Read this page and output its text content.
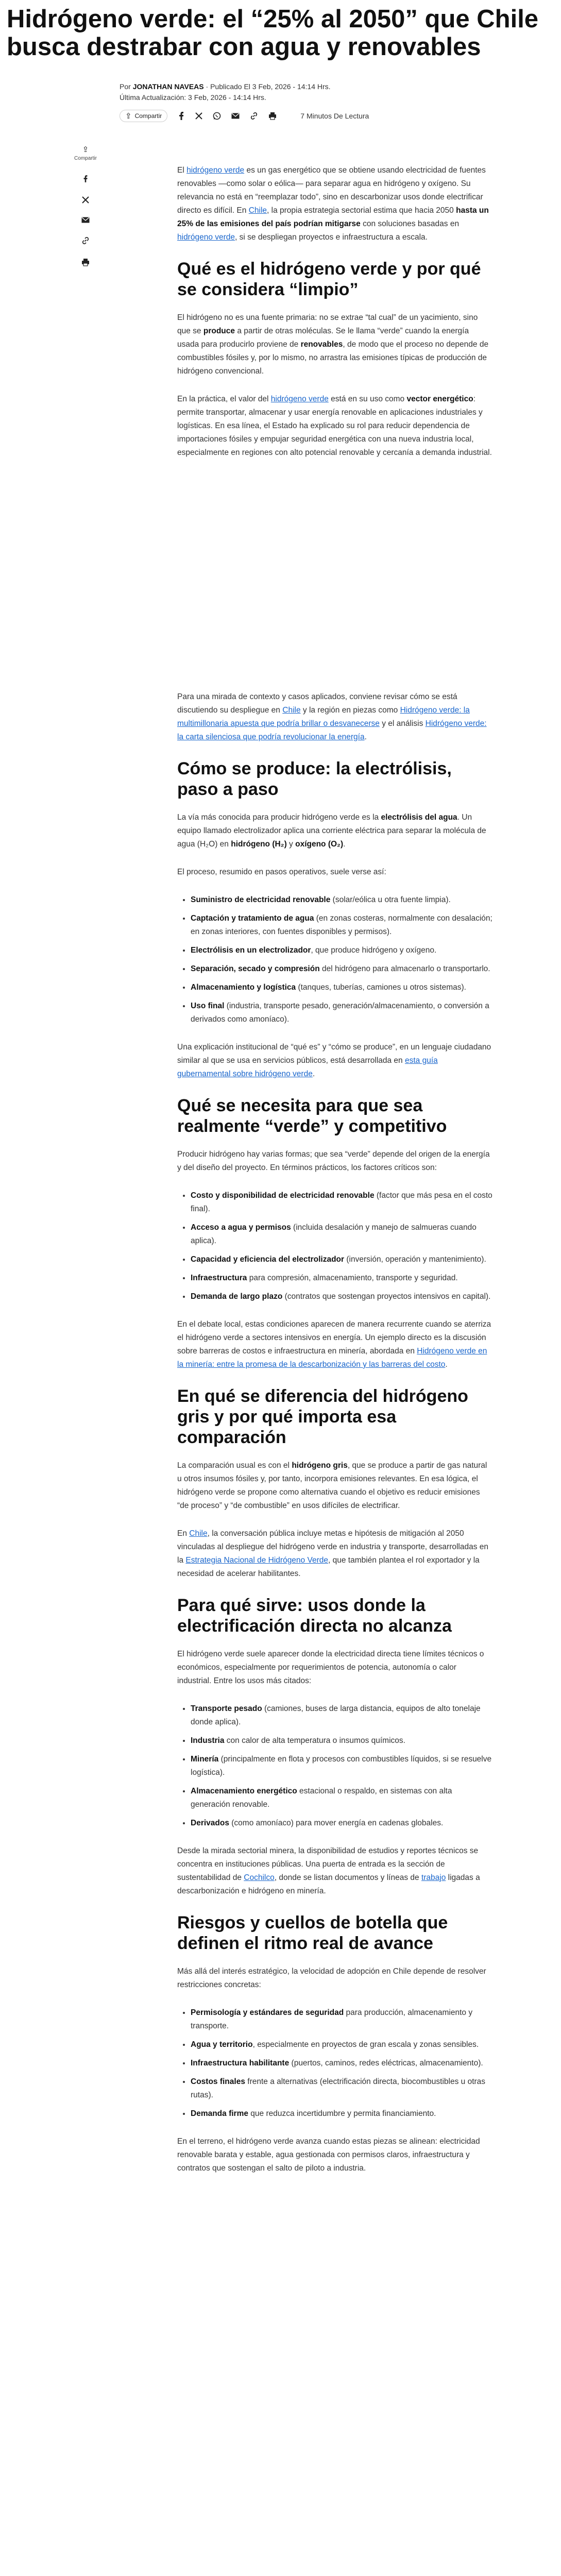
Hidrógeno verde: el “25% al 2050” que Chile busca destrabar con agua y renovables
Por JONATHAN NAVEAS · Publicado El 3 Feb, 2026 - 14:14 Hrs.
Última Actualización: 3 Feb, 2026 - 14:14 Hrs.
⇪ Compartir	7 Minutos De Lectura
⇪
Compartir

El hidrógeno verde es un gas energético que se obtiene usando electricidad de fuentes renovables —como solar o eólica— para separar agua en hidrógeno y oxígeno. Su relevancia no está en “reemplazar todo”, sino en descarbonizar usos donde electrificar directo es difícil. En Chile, la propia estrategia sectorial estima que hacia 2050 hasta un 25% de las emisiones del país podrían mitigarse con soluciones basadas en hidrógeno verde, si se despliegan proyectos e infraestructura a escala.

Qué es el hidrógeno verde y por qué se considera “limpio”

El hidrógeno no es una fuente primaria: no se extrae “tal cual” de un yacimiento, sino que se produce a partir de otras moléculas. Se le llama “verde” cuando la energía usada para producirlo proviene de renovables, de modo que el proceso no depende de combustibles fósiles y, por lo mismo, no arrastra las emisiones típicas de producción de hidrógeno convencional.

En la práctica, el valor del hidrógeno verde está en su uso como vector energético: permite transportar, almacenar y usar energía renovable en aplicaciones industriales y logísticas. En esa línea, el Estado ha explicado su rol para reducir dependencia de importaciones fósiles y empujar seguridad energética con una nueva industria local, especialmente en regiones con alto potencial renovable y cercanía a demanda industrial.

Para una mirada de contexto y casos aplicados, conviene revisar cómo se está discutiendo su despliegue en Chile y la región en piezas como Hidrógeno verde: la multimillonaria apuesta que podría brillar o desvanecerse y el análisis Hidrógeno verde: la carta silenciosa que podría revolucionar la energía.

Cómo se produce: la electrólisis, paso a paso

La vía más conocida para producir hidrógeno verde es la electrólisis del agua. Un equipo llamado electrolizador aplica una corriente eléctrica para separar la molécula de agua (H₂O) en hidrógeno (H₂) y oxígeno (O₂).

El proceso, resumido en pasos operativos, suele verse así:

• Suministro de electricidad renovable (solar/eólica u otra fuente limpia).
• Captación y tratamiento de agua (en zonas costeras, normalmente con desalación; en zonas interiores, con fuentes disponibles y permisos).
• Electrólisis en un electrolizador, que produce hidrógeno y oxígeno.
• Separación, secado y compresión del hidrógeno para almacenarlo o transportarlo.
• Almacenamiento y logística (tanques, tuberías, camiones u otros sistemas).
• Uso final (industria, transporte pesado, generación/almacenamiento, o conversión a derivados como amoníaco).

Una explicación institucional de “qué es” y “cómo se produce”, en un lenguaje ciudadano similar al que se usa en servicios públicos, está desarrollada en esta guía gubernamental sobre hidrógeno verde.

Qué se necesita para que sea realmente “verde” y competitivo

Producir hidrógeno hay varias formas; que sea “verde” depende del origen de la energía y del diseño del proyecto. En términos prácticos, los factores críticos son:

• Costo y disponibilidad de electricidad renovable (factor que más pesa en el costo final).
• Acceso a agua y permisos (incluida desalación y manejo de salmueras cuando aplica).
• Capacidad y eficiencia del electrolizador (inversión, operación y mantenimiento).
• Infraestructura para compresión, almacenamiento, transporte y seguridad.
• Demanda de largo plazo (contratos que sostengan proyectos intensivos en capital).

En el debate local, estas condiciones aparecen de manera recurrente cuando se aterriza el hidrógeno verde a sectores intensivos en energía. Un ejemplo directo es la discusión sobre barreras de costos e infraestructura en minería, abordada en Hidrógeno verde en la minería: entre la promesa de la descarbonización y las barreras del costo.

En qué se diferencia del hidrógeno gris y por qué importa esa comparación

La comparación usual es con el hidrógeno gris, que se produce a partir de gas natural u otros insumos fósiles y, por tanto, incorpora emisiones relevantes. En esa lógica, el hidrógeno verde se propone como alternativa cuando el objetivo es reducir emisiones “de proceso” y “de combustible” en usos difíciles de electrificar.

En Chile, la conversación pública incluye metas e hipótesis de mitigación al 2050 vinculadas al despliegue del hidrógeno verde en industria y transporte, desarrolladas en la Estrategia Nacional de Hidrógeno Verde, que también plantea el rol exportador y la necesidad de acelerar habilitantes.

Para qué sirve: usos donde la electrificación directa no alcanza

El hidrógeno verde suele aparecer donde la electricidad directa tiene límites técnicos o económicos, especialmente por requerimientos de potencia, autonomía o calor industrial. Entre los usos más citados:

• Transporte pesado (camiones, buses de larga distancia, equipos de alto tonelaje donde aplica).
• Industria con calor de alta temperatura o insumos químicos.
• Minería (principalmente en flota y procesos con combustibles líquidos, si se resuelve logística).
• Almacenamiento energético estacional o respaldo, en sistemas con alta generación renovable.
• Derivados (como amoníaco) para mover energía en cadenas globales.

Desde la mirada sectorial minera, la disponibilidad de estudios y reportes técnicos se concentra en instituciones públicas. Una puerta de entrada es la sección de sustentabilidad de Cochilco, donde se listan documentos y líneas de trabajo ligadas a descarbonización e hidrógeno en minería.

Riesgos y cuellos de botella que definen el ritmo real de avance

Más allá del interés estratégico, la velocidad de adopción en Chile depende de resolver restricciones concretas:

• Permisología y estándares de seguridad para producción, almacenamiento y transporte.
• Agua y territorio, especialmente en proyectos de gran escala y zonas sensibles.
• Infraestructura habilitante (puertos, caminos, redes eléctricas, almacenamiento).
• Costos finales frente a alternativas (electrificación directa, biocombustibles u otras rutas).
• Demanda firme que reduzca incertidumbre y permita financiamiento.

En el terreno, el hidrógeno verde avanza cuando estas piezas se alinean: electricidad renovable barata y estable, agua gestionada con permisos claros, infraestructura y contratos que sostengan el salto de piloto a industria.
